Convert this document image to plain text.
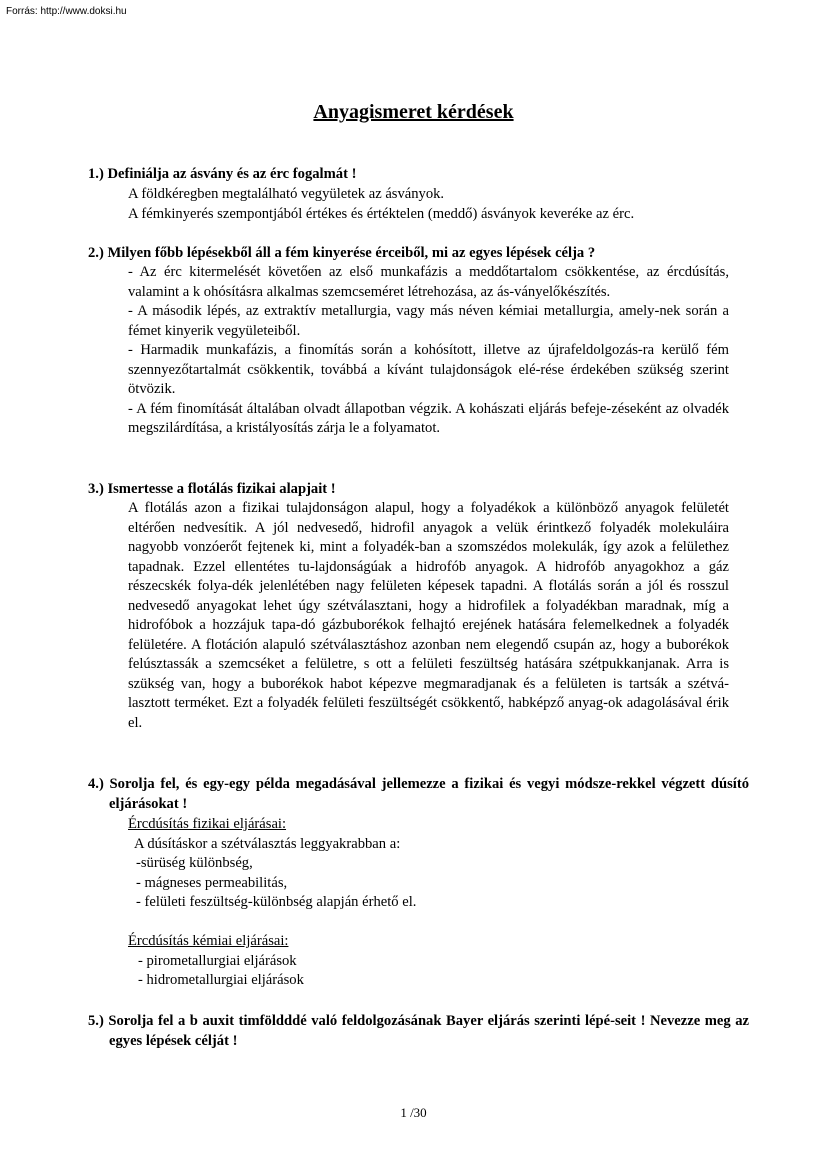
Forrás: http://www.doksi.hu
Anyagismeret kérdések
1.) Definiálja az ásvány és az érc fogalmát !

A földkéregben megtalálható vegyületek az ásványok.

A fémkinyerés szempontjából értékes és értéktelen (meddő) ásványok keveréke az érc.

2.) Milyen főbb lépésekből áll a fém kinyerése érceiből, mi az egyes lépések célja ?

- Az érc kitermelését követően az első munkafázis a meddőtartalom csökkentése, az ércdúsítás, valamint a k ohósításra alkalmas szemcseméret létrehozása, az ás-ványelőkészítés.

- A második lépés, az extraktív metallurgia, vagy más néven kémiai metallurgia, amely-nek során a fémet kinyerik vegyületeiből.

- Harmadik munkafázis, a finomítás során a kohósított, illetve az újrafeldolgozás-ra kerülő fém szennyezőtartalmát csökkentik, továbbá a kívánt tulajdonságok elé-rése érdekében szükség szerint ötvözik.

- A fém finomítását általában olvadt állapotban végzik. A kohászati eljárás befeje-zéseként az olvadék megszilárdítása, a kristályosítás zárja le a folyamatot.

3.) Ismertesse a flotálás fizikai alapjait !

A flotálás azon a fizikai tulajdonságon alapul, hogy a folyadékok a különböző anyagok felületét eltérően nedvesítik. A jól nedvesedő, hidrofil anyagok a velük érintkező folyadék molekuláira nagyobb vonzóerőt fejtenek ki, mint a folyadék-ban a szomszédos molekulák, így azok a felülethez tapadnak. Ezzel ellentétes tu-lajdonságúak a hidrofób anyagok. A hidrofób anyagokhoz a gáz részecskék folya-dék jelenlétében nagy felületen képesek tapadni. A flotálás során a jól és rosszul nedvesedő anyagokat lehet úgy szétválasztani, hogy a hidrofilek a folyadékban maradnak, míg a hidrofóbok a hozzájuk tapa-dó gázbuborékok felhajtó erejének hatására felemelkednek a folyadék felületére. A flotáción alapuló szétválasztáshoz azonban nem elegendő csupán az, hogy a buborékok felúsztassák a szemcséket a felületre, s ott a felületi feszültség hatására szétpukkanjanak. Arra is szükség van, hogy a buborékok habot képezve megmaradjanak és a felületen is tartsák a szétvá-lasztott terméket. Ezt a folyadék felületi feszültségét csökkentő, habképző anyag-ok adagolásával érik el.

4.) Sorolja fel, és egy-egy példa megadásával jellemezze a fizikai és vegyi módsze-rekkel végzett dúsító eljárásokat !

Ércdúsítás fizikai eljárásai:

A dúsításkor a szétválasztás leggyakrabban a:

-sürüség különbség,

- mágneses permeabilitás,

- felületi feszültség-különbség alapján érhető el.

Ércdúsítás kémiai eljárásai:

- pirometallurgiai eljárások

- hidrometallurgiai eljárások

5.) Sorolja fel a b auxit timföldddé való feldolgozásának Bayer eljárás szerinti lépé-seit ! Nevezze meg az egyes lépések célját !
1 /30
